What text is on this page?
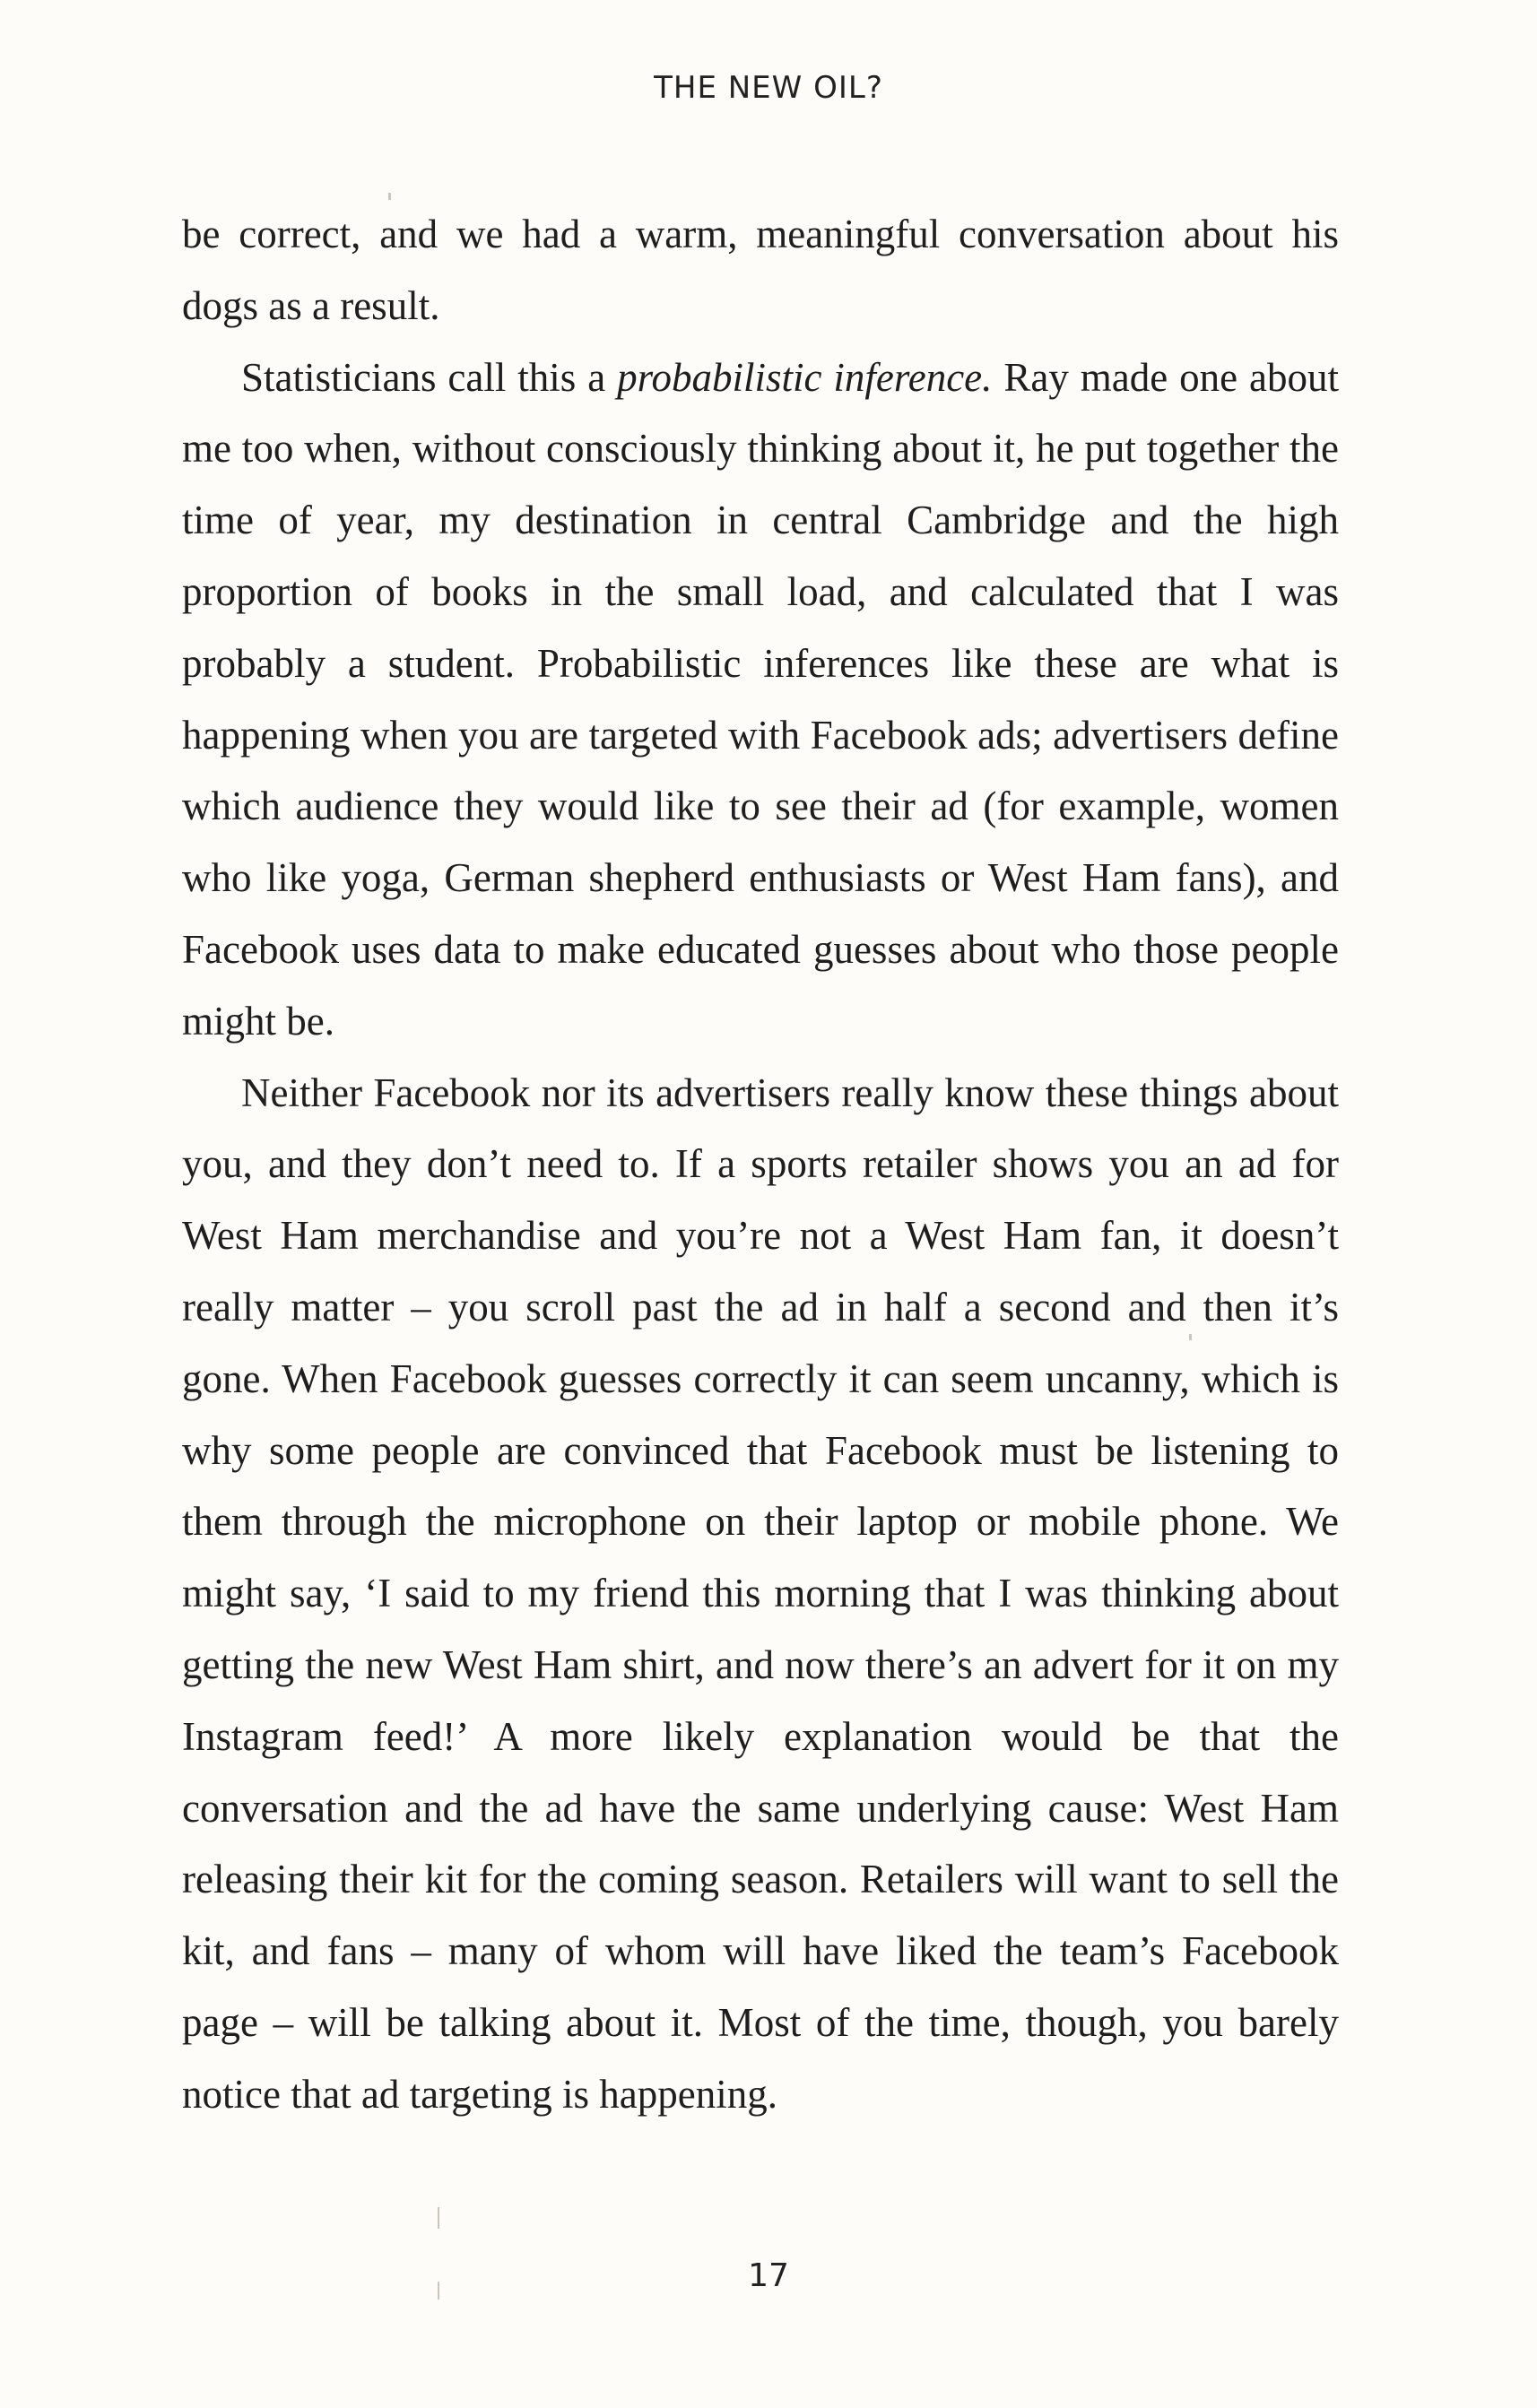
THE NEW OIL?

be correct, and we had a warm, meaningful conversation about his dogs as a result.

Statisticians call this a probabilistic inference. Ray made one about me too when, without consciously thinking about it, he put together the time of year, my destination in central Cambridge and the high proportion of books in the small load, and calculated that I was probably a student. Probabilistic inferences like these are what is happening when you are targeted with Facebook ads; advertisers define which audience they would like to see their ad (for example, women who like yoga, German shepherd enthusiasts or West Ham fans), and Facebook uses data to make educated guesses about who those people might be.

Neither Facebook nor its advertisers really know these things about you, and they don’t need to. If a sports retailer shows you an ad for West Ham merchandise and you’re not a West Ham fan, it doesn’t really matter – you scroll past the ad in half a second and then it’s gone. When Facebook guesses correctly it can seem uncanny, which is why some people are convinced that Facebook must be listening to them through the microphone on their laptop or mobile phone. We might say, ‘I said to my friend this morning that I was thinking about getting the new West Ham shirt, and now there’s an advert for it on my Instagram feed!’ A more likely explanation would be that the conversation and the ad have the same underlying cause: West Ham releasing their kit for the coming season. Retailers will want to sell the kit, and fans – many of whom will have liked the team’s Facebook page – will be talking about it. Most of the time, though, you barely notice that ad targeting is happening.

17
